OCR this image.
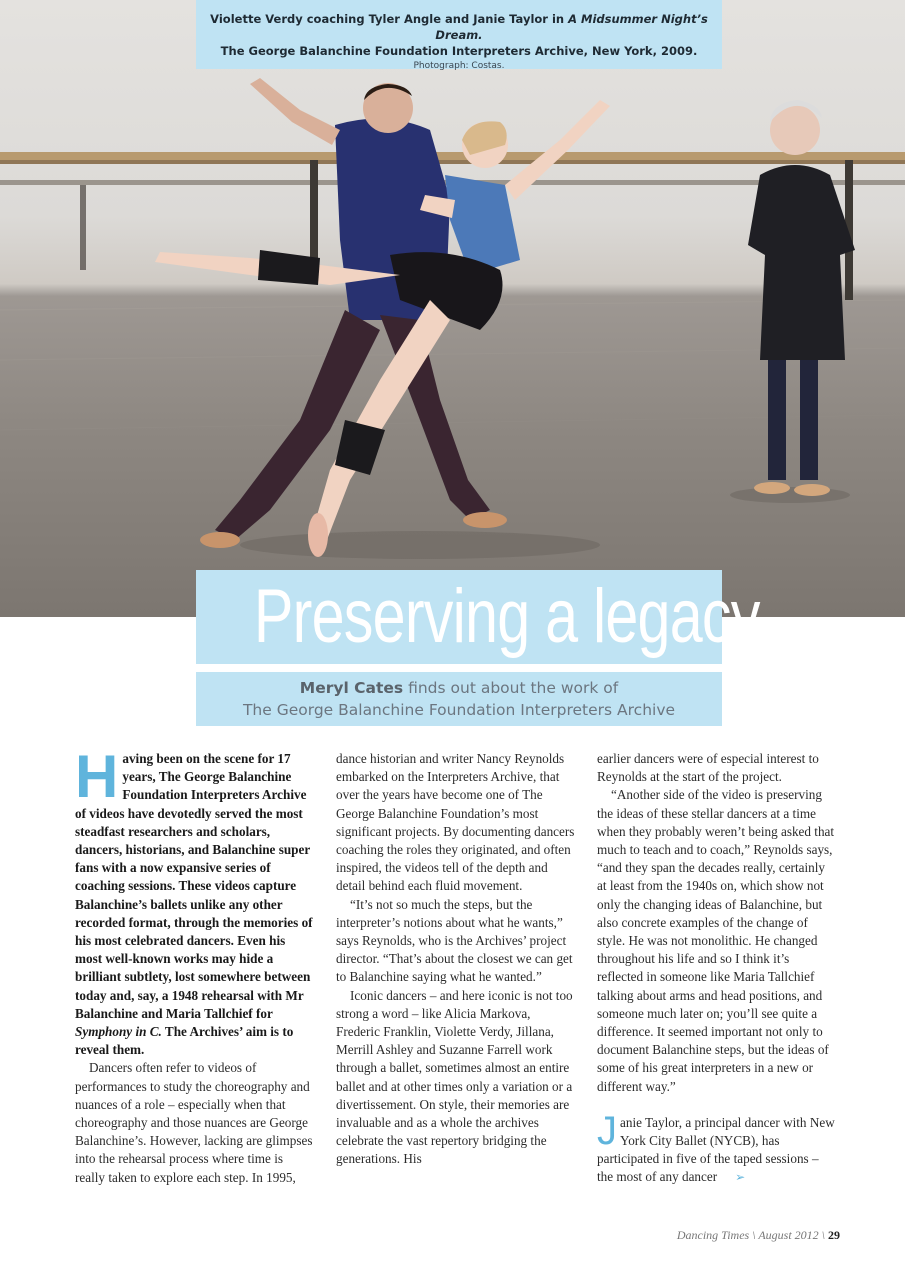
Violette Verdy coaching Tyler Angle and Janie Taylor in A Midsummer Night’s Dream.
The George Balanchine Foundation Interpreters Archive, New York, 2009.
Photograph: Costas.
Preserving a legacy
Meryl Cates finds out about the work of
The George Balanchine Foundation Interpreters Archive

Having been on the scene for 17 years, The George Balanchine Foundation Interpreters Archive of videos have devotedly served the most steadfast researchers and scholars, dancers, historians, and Balanchine super fans with a now expansive series of coaching sessions. These videos capture Balanchine’s ballets unlike any other recorded format, through the memories of his most celebrated dancers. Even his most well-known works may hide a brilliant subtlety, lost somewhere between today and, say, a 1948 rehearsal with Mr Balanchine and Maria Tallchief for Symphony in C. The Archives’ aim is to reveal them.

Dancers often refer to videos of performances to study the choreography and nuances of a role – especially when that choreography and those nuances are George Balanchine’s. However, lacking are glimpses into the rehearsal process where time is really taken to explore each step. In 1995,

dance historian and writer Nancy Reynolds embarked on the Interpreters Archive, that over the years have become one of The George Balanchine Foundation’s most significant projects. By documenting dancers coaching the roles they originated, and often inspired, the videos tell of the depth and detail behind each fluid movement.

“It’s not so much the steps, but the interpreter’s notions about what he wants,” says Reynolds, who is the Archives’ project director. “That’s about the closest we can get to Balanchine saying what he wanted.”

Iconic dancers – and here iconic is not too strong a word – like Alicia Markova, Frederic Franklin, Violette Verdy, Jillana, Merrill Ashley and Suzanne Farrell work through a ballet, sometimes almost an entire ballet and at other times only a variation or a divertissement. On style, their memories are invaluable and as a whole the archives celebrate the vast repertory bridging the generations. His

earlier dancers were of especial interest to Reynolds at the start of the project.

“Another side of the video is preserving the ideas of these stellar dancers at a time when they probably weren’t being asked that much to teach and to coach,” Reynolds says, “and they span the decades really, certainly at least from the 1940s on, which show not only the changing ideas of Balanchine, but also concrete examples of the change of style. He was not monolithic. He changed throughout his life and so I think it’s reflected in someone like Maria Tallchief talking about arms and head positions, and someone much later on; you’ll see quite a difference. It seemed important not only to document Balanchine steps, but the ideas of some of his great interpreters in a new or different way.”

Janie Taylor, a principal dancer with New York City Ballet (NYCB), has participated in five of the taped sessions – the most of any dancer ➢

Dancing Times \ August 2012 \ 29
